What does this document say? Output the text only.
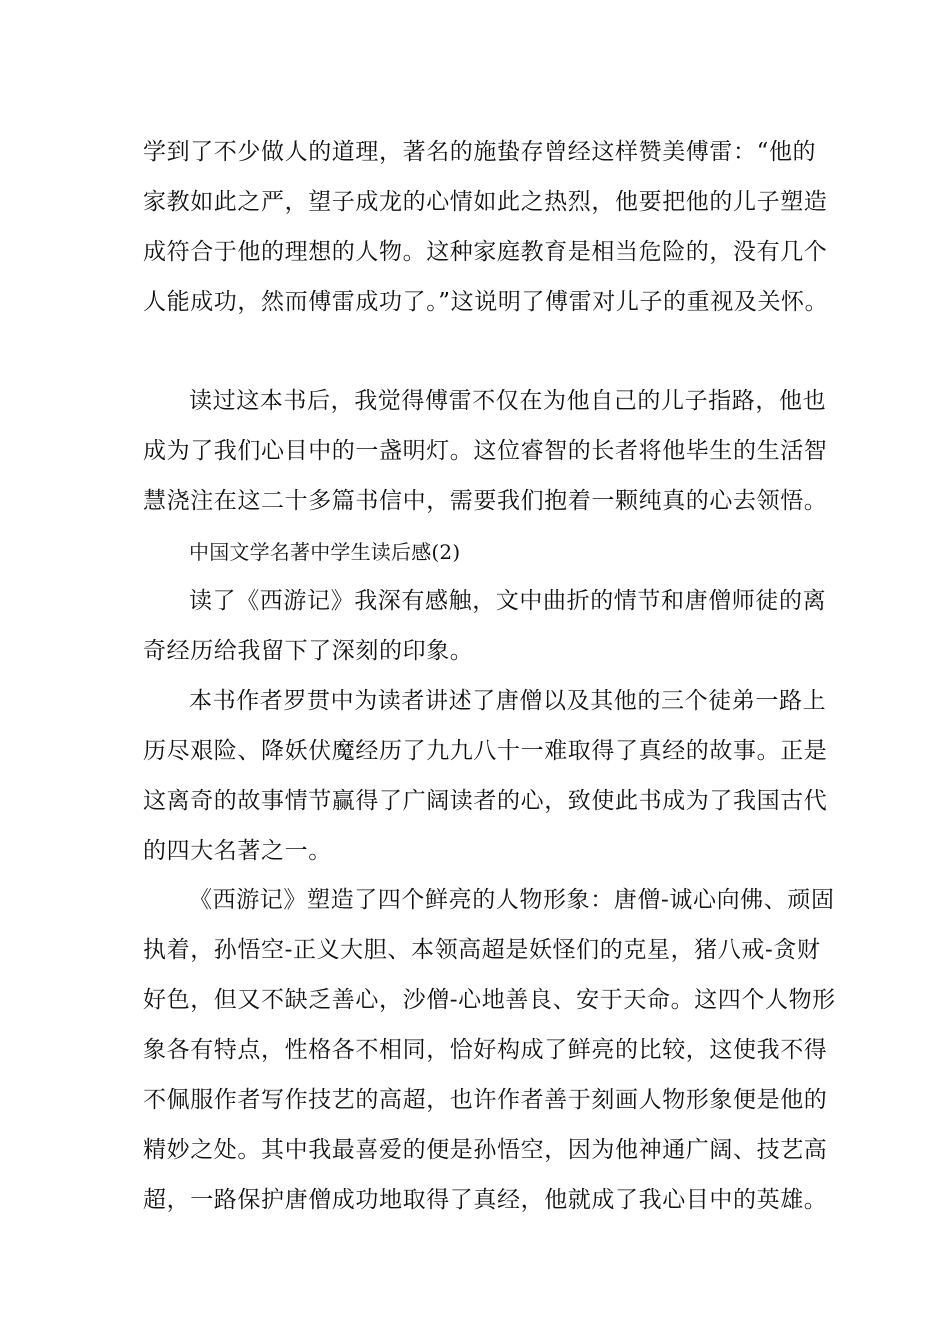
学到了不少做人的道理，著名的施蛰存曾经这样赞美傅雷：“他的
家教如此之严，望子成龙的心情如此之热烈，他要把他的儿子塑造
成符合于他的理想的人物。这种家庭教育是相当危险的，没有几个
人能成功，然而傅雷成功了。”这说明了傅雷对儿子的重视及关怀。
读过这本书后，我觉得傅雷不仅在为他自己的儿子指路，他也
成为了我们心目中的一盏明灯。这位睿智的长者将他毕生的生活智
慧浇注在这二十多篇书信中，需要我们抱着一颗纯真的心去领悟。
中国文学名著中学生读后感(2)
读了《西游记》我深有感触，文中曲折的情节和唐僧师徒的离
奇经历给我留下了深刻的印象。
本书作者罗贯中为读者讲述了唐僧以及其他的三个徒弟一路上
历尽艰险、降妖伏魔经历了九九八十一难取得了真经的故事。正是
这离奇的故事情节赢得了广阔读者的心，致使此书成为了我国古代
的四大名著之一。
《西游记》塑造了四个鲜亮的人物形象：唐僧-诚心向佛、顽固
执着，孙悟空-正义大胆、本领高超是妖怪们的克星，猪八戒-贪财
好色，但又不缺乏善心，沙僧-心地善良、安于天命。这四个人物形
象各有特点，性格各不相同，恰好构成了鲜亮的比较，这使我不得
不佩服作者写作技艺的高超，也许作者善于刻画人物形象便是他的
精妙之处。其中我最喜爱的便是孙悟空，因为他神通广阔、技艺高
超，一路保护唐僧成功地取得了真经，他就成了我心目中的英雄。
